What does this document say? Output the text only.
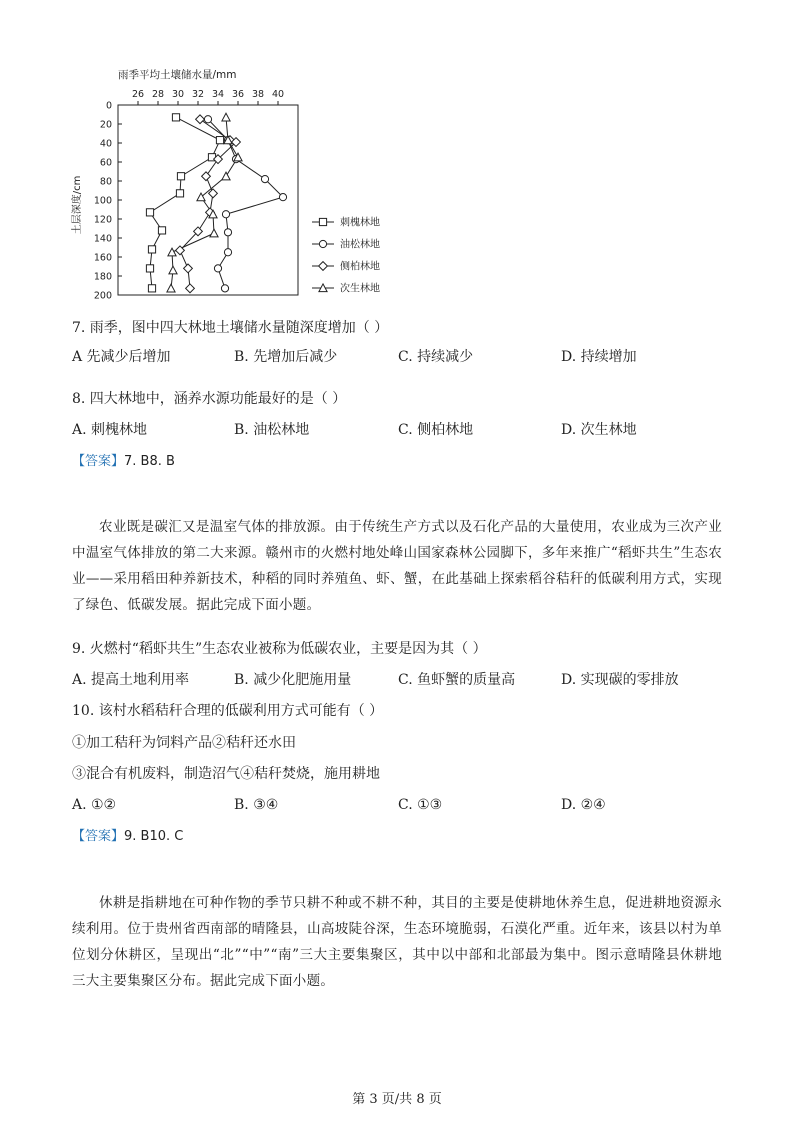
雨季平均土壤储水量/mm
土层深度/cm
26 28 30 32 34 36 38 40
0
20
40
60
80
100
120
140
160
180
200
刺槐林地
油松林地
侧柏林地
次生林地
7. 雨季，图中四大林地土壤储水量随深度增加（ ）
A 先减少后增加	B. 先增加后减少	C. 持续减少	D. 持续增加
8. 四大林地中，涵养水源功能最好的是（ ）
A. 刺槐林地	B. 油松林地	C. 侧柏林地	D. 次生林地
【答案】7. B8. B
农业既是碳汇又是温室气体的排放源。由于传统生产方式以及石化产品的大量使用，农业成为三次产业中温室气体排放的第二大来源。赣州市的火燃村地处峰山国家森林公园脚下，多年来推广“稻虾共生”生态农业——采用稻田种养新技术，种稻的同时养殖鱼、虾、蟹，在此基础上探索稻谷秸秆的低碳利用方式，实现了绿色、低碳发展。据此完成下面小题。
9. 火燃村“稻虾共生”生态农业被称为低碳农业，主要是因为其（ ）
A. 提高土地利用率	B. 减少化肥施用量	C. 鱼虾蟹的质量高	D. 实现碳的零排放
10. 该村水稻秸秆合理的低碳利用方式可能有（ ）
①加工秸秆为饲料产品②秸秆还水田
③混合有机废料，制造沼气④秸秆焚烧，施用耕地
A. ①②	B. ③④	C. ①③	D. ②④
【答案】9. B10. C
休耕是指耕地在可种作物的季节只耕不种或不耕不种，其目的主要是使耕地休养生息，促进耕地资源永续利用。位于贵州省西南部的晴隆县，山高坡陡谷深，生态环境脆弱，石漠化严重。近年来，该县以村为单位划分休耕区，呈现出“北”“中”“南”三大主要集聚区，其中以中部和北部最为集中。图示意晴隆县休耕地三大主要集聚区分布。据此完成下面小题。
第 3 页/共 8 页
